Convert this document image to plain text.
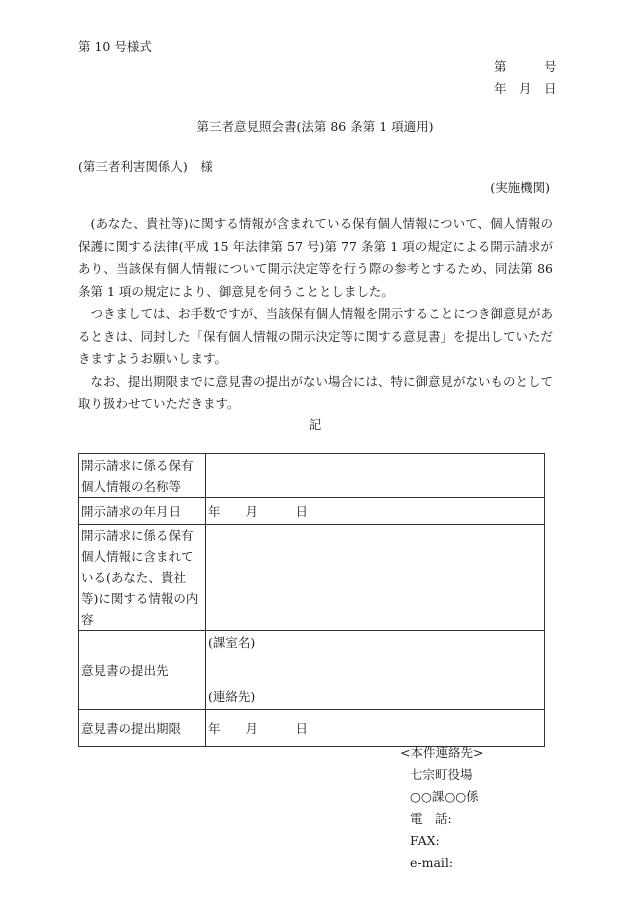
第 10 号様式
第　　　号
年　月　日
第三者意見照会書(法第 86 条第 1 項適用)
(第三者利害関係人)　様
(実施機関)

(あなた、貴社等)に関する情報が含まれている保有個人情報について、個人情報の保護に関する法律(平成 15 年法律第 57 号)第 77 条第 1 項の規定による開示請求があり、当該保有個人情報について開示決定等を行う際の参考とするため、同法第 86 条第 1 項の規定により、御意見を伺うこととしました。

つきましては、お手数ですが、当該保有個人情報を開示することにつき御意見があるときは、同封した「保有個人情報の開示決定等に関する意見書」を提出していただきますようお願いします。

なお、提出期限までに意見書の提出がない場合には、特に御意見がないものとして取り扱わせていただきます。

記
開示請求に係る保有個人情報の名称等	
開示請求の年月日	年　　月　　　日
開示請求に係る保有個人情報に含まれている(あなた、貴社等)に関する情報の内容	
意見書の提出先	(課室名)
(連絡先)

意見書の提出期限	年　　月　　　日
<本件連絡先>
七宗町役場
○○課○○係
電　話:
FAX:
e-mail:
